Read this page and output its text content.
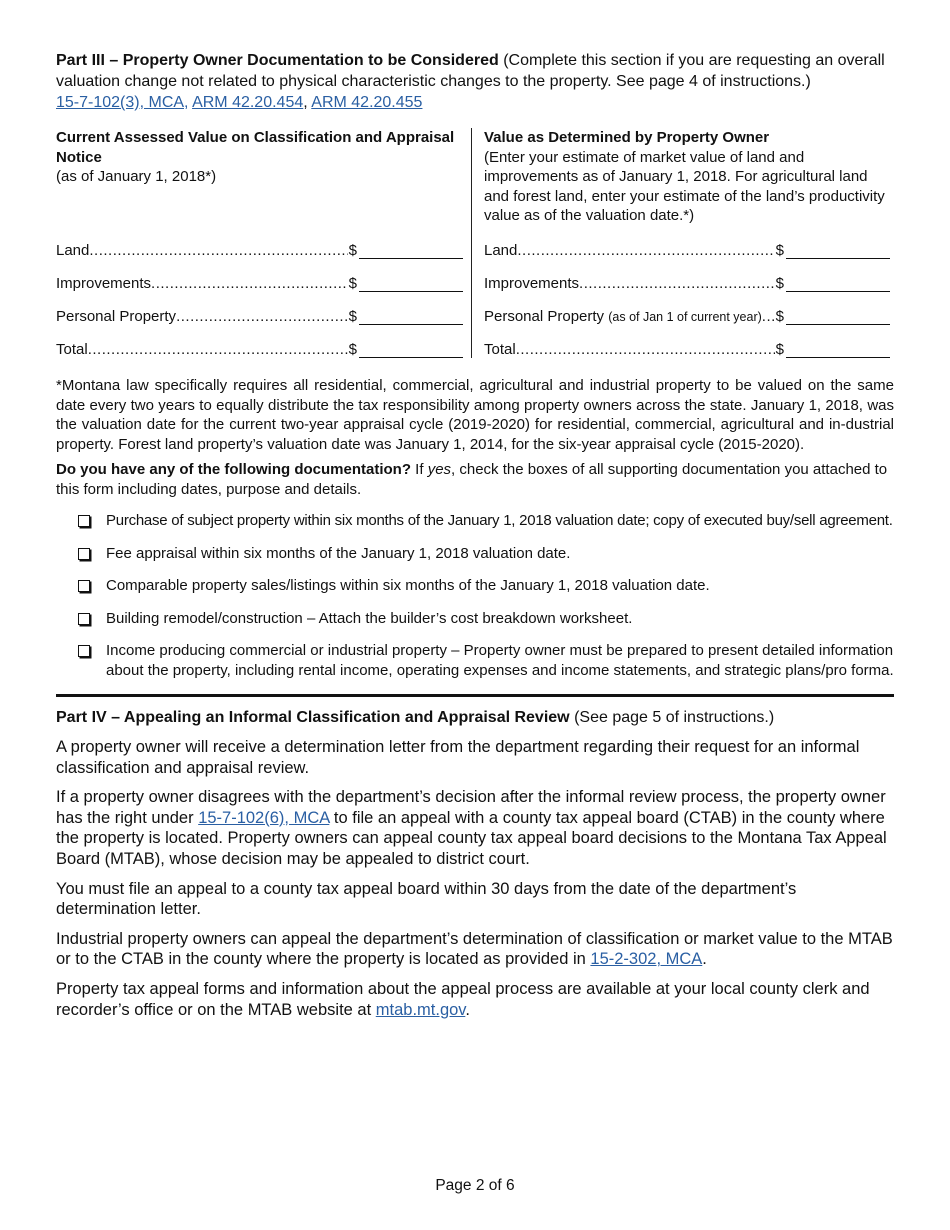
Part III – Property Owner Documentation to be Considered (Complete this section if you are requesting an overall valuation change not related to physical characteristic changes to the property. See page 4 of instructions.)
15-7-102(3), MCA, ARM 42.20.454, ARM 42.20.455
Current Assessed Value on Classification and Appraisal Notice
(as of January 1, 2018*)
Land .....	$
Improvements .....	$
Personal Property .....	$
Total .....	$
Value as Determined by Property Owner
(Enter your estimate of market value of land and improvements as of January 1, 2018. For agricultural land and forest land, enter your estimate of the land’s productivity value as of the valuation date.*)
Land .....	$
Improvements .....	$
Personal Property (as of Jan 1 of current year) ..... $
Total .....	$
*Montana law specifically requires all residential, commercial, agricultural and industrial property to be valued on the same date every two years to equally distribute the tax responsibility among property owners across the state. January 1, 2018, was the valuation date for the current two-year appraisal cycle (2019-2020) for residential, commercial, agricultural and in-dustrial property. Forest land property’s valuation date was January 1, 2014, for the six-year appraisal cycle (2015-2020).
Do you have any of the following documentation? If yes, check the boxes of all supporting documentation you attached to this form including dates, purpose and details.
Purchase of subject property within six months of the January 1, 2018 valuation date; copy of executed buy/sell agreement.
Fee appraisal within six months of the January 1, 2018 valuation date.
Comparable property sales/listings within six months of the January 1, 2018 valuation date.
Building remodel/construction – Attach the builder’s cost breakdown worksheet.
Income producing commercial or industrial property – Property owner must be prepared to present detailed information about the property, including rental income, operating expenses and income statements, and strategic plans/pro forma.
Part IV – Appealing an Informal Classification and Appraisal Review (See page 5 of instructions.)
A property owner will receive a determination letter from the department regarding their request for an informal classification and appraisal review.
If a property owner disagrees with the department’s decision after the informal review process, the property owner has the right under 15-7-102(6), MCA to file an appeal with a county tax appeal board (CTAB) in the county where the property is located. Property owners can appeal county tax appeal board decisions to the Montana Tax Appeal Board (MTAB), whose decision may be appealed to district court.
You must file an appeal to a county tax appeal board within 30 days from the date of the department’s determination letter.
Industrial property owners can appeal the department’s determination of classification or market value to the MTAB or to the CTAB in the county where the property is located as provided in 15-2-302, MCA.
Property tax appeal forms and information about the appeal process are available at your local county clerk and recorder’s office or on the MTAB website at mtab.mt.gov.
Page 2 of 6
